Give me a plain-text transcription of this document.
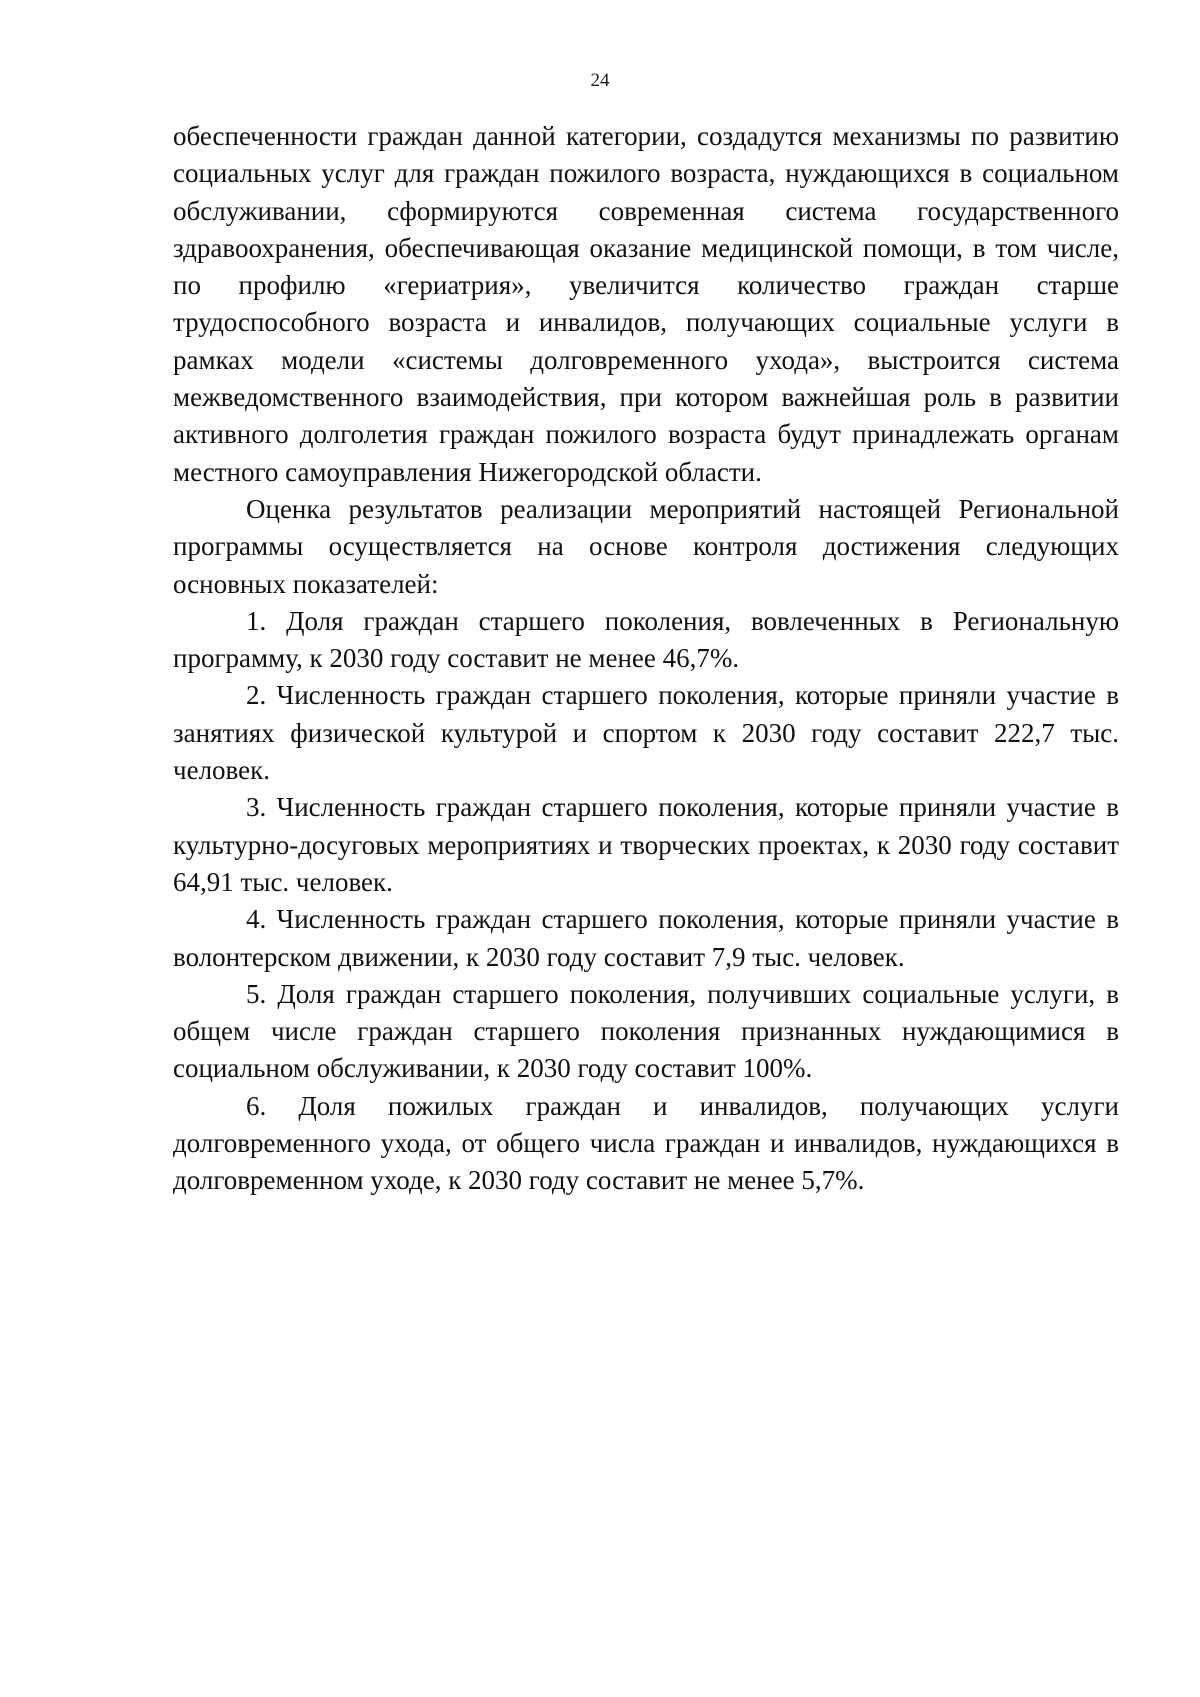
24

обеспеченности граждан данной категории, создадутся механизмы по развитию социальных услуг для граждан пожилого возраста, нуждающихся в социальном обслуживании, сформируются современная система государственного здравоохранения, обеспечивающая оказание медицинской помощи, в том числе, по профилю «гериатрия», увеличится количество граждан старше трудоспособного возраста и инвалидов, получающих социальные услуги в рамках модели «системы долговременного ухода», выстроится система межведомственного взаимодействия, при котором важнейшая роль в развитии активного долголетия граждан пожилого возраста будут принадлежать органам местного самоуправления Нижегородской области.

Оценка результатов реализации мероприятий настоящей Региональной программы осуществляется на основе контроля достижения следующих основных показателей:

1. Доля граждан старшего поколения, вовлеченных в Региональную программу, к 2030 году составит не менее 46,7%.

2. Численность граждан старшего поколения, которые приняли участие в занятиях физической культурой и спортом к 2030 году составит 222,7 тыс. человек.

3. Численность граждан старшего поколения, которые приняли участие в культурно-досуговых мероприятиях и творческих проектах, к 2030 году составит 64,91 тыс. человек.

4. Численность граждан старшего поколения, которые приняли участие в волонтерском движении, к 2030 году составит 7,9 тыс. человек.

5. Доля граждан старшего поколения, получивших социальные услуги, в общем числе граждан старшего поколения признанных нуждающимися в социальном обслуживании, к 2030 году составит 100%.

6. Доля пожилых граждан и инвалидов, получающих услуги долговременного ухода, от общего числа граждан и инвалидов, нуждающихся в долговременном уходе, к 2030 году составит не менее 5,7%.
